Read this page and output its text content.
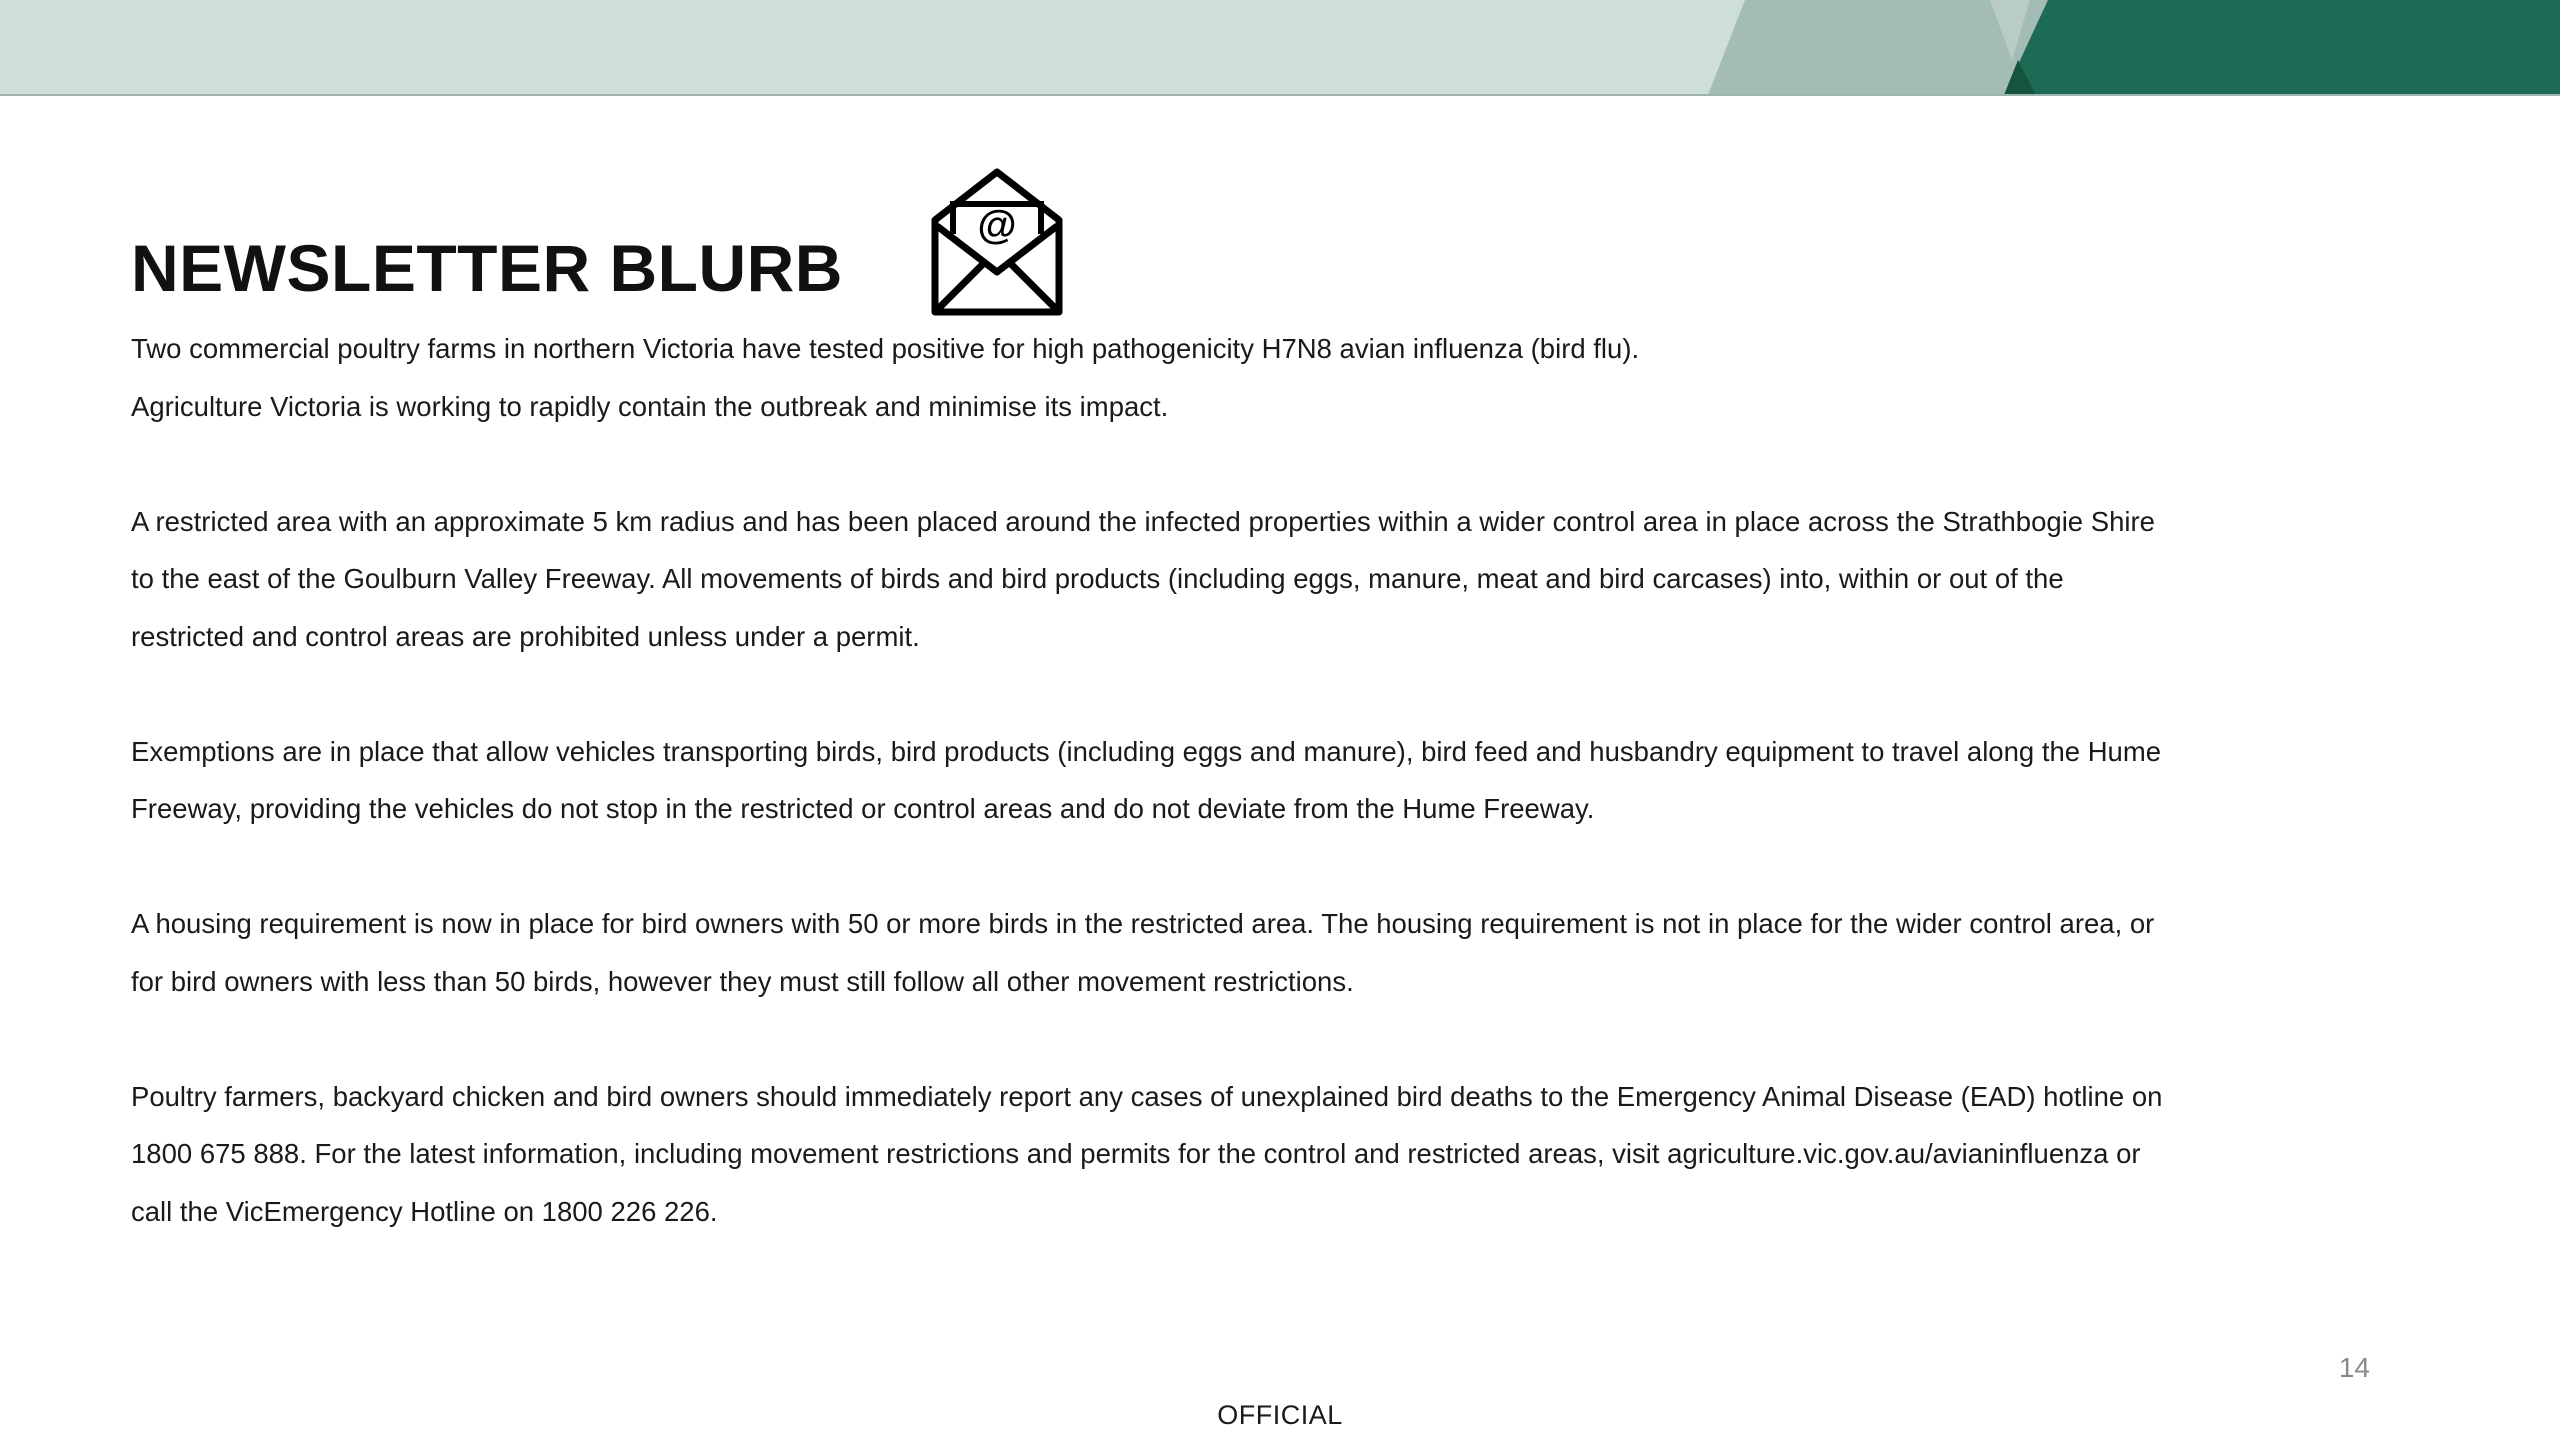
NEWSLETTER BLURB
@

Two commercial poultry farms in northern Victoria have tested positive for high pathogenicity H7N8 avian influenza (bird flu).
Agriculture Victoria is working to rapidly contain the outbreak and minimise its impact.

A restricted area with an approximate 5 km radius and has been placed around the infected properties within a wider control area in place across the Strathbogie Shire
to the east of the Goulburn Valley Freeway. All movements of birds and bird products (including eggs, manure, meat and bird carcases) into, within or out of the
restricted and control areas are prohibited unless under a permit.

Exemptions are in place that allow vehicles transporting birds, bird products (including eggs and manure), bird feed and husbandry equipment to travel along the Hume
Freeway, providing the vehicles do not stop in the restricted or control areas and do not deviate from the Hume Freeway.

A housing requirement is now in place for bird owners with 50 or more birds in the restricted area. The housing requirement is not in place for the wider control area, or
for bird owners with less than 50 birds, however they must still follow all other movement restrictions.

Poultry farmers, backyard chicken and bird owners should immediately report any cases of unexplained bird deaths to the Emergency Animal Disease (EAD) hotline on
1800 675 888. For the latest information, including movement restrictions and permits for the control and restricted areas, visit agriculture.vic.gov.au/avianinfluenza or
call the VicEmergency Hotline on 1800 226 226.

14
OFFICIAL
